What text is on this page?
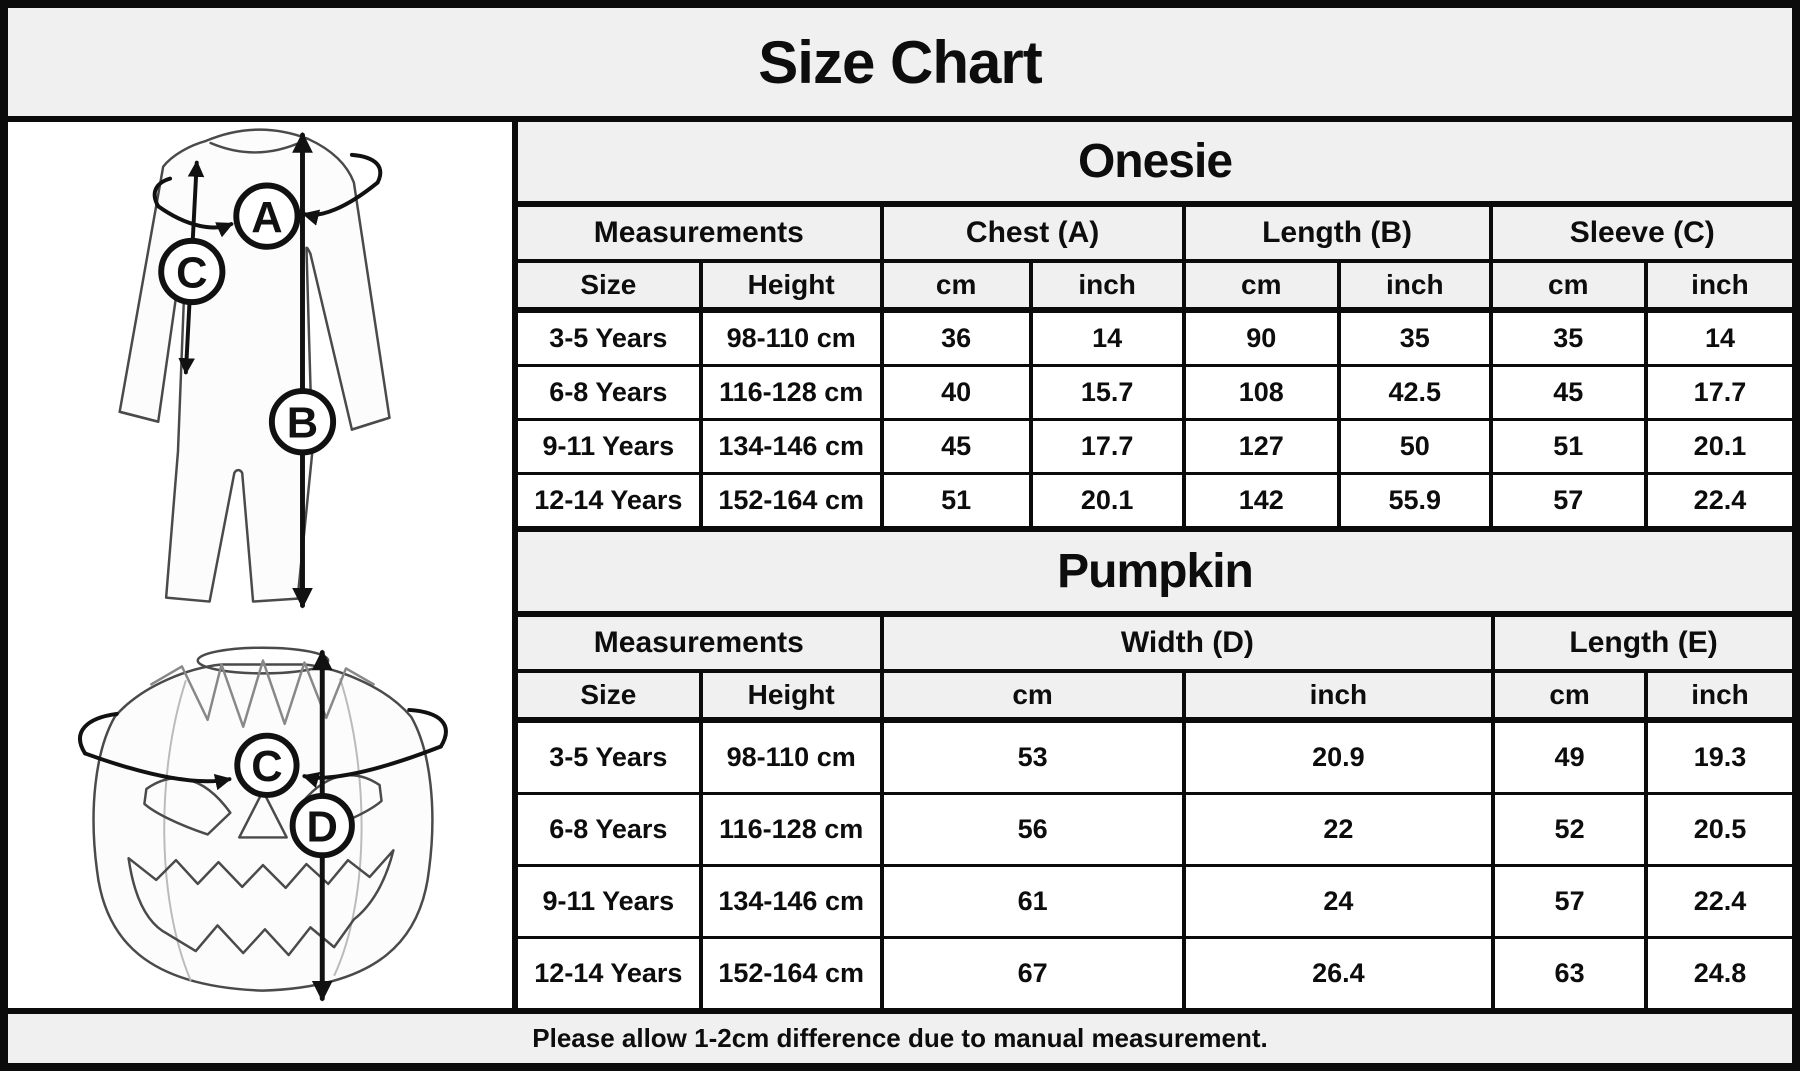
Size Chart
A
B
C
C
D
Onesie
Measurements	Chest (A)	Length (B)	Sleeve (C)
Size	Height	cm	inch	cm	inch	cm	inch
3-5 Years	98-110 cm	36	14	90	35	35	14
6-8 Years	116-128 cm	40	15.7	108	42.5	45	17.7
9-11 Years	134-146 cm	45	17.7	127	50	51	20.1
12-14 Years	152-164 cm	51	20.1	142	55.9	57	22.4
Pumpkin
Measurements	Width (D)	Length (E)
Size	Height	cm	inch	cm	inch
3-5 Years	98-110 cm	53	20.9	49	19.3
6-8 Years	116-128 cm	56	22	52	20.5
9-11 Years	134-146 cm	61	24	57	22.4
12-14 Years	152-164 cm	67	26.4	63	24.8
Please allow 1-2cm difference due to manual measurement.
